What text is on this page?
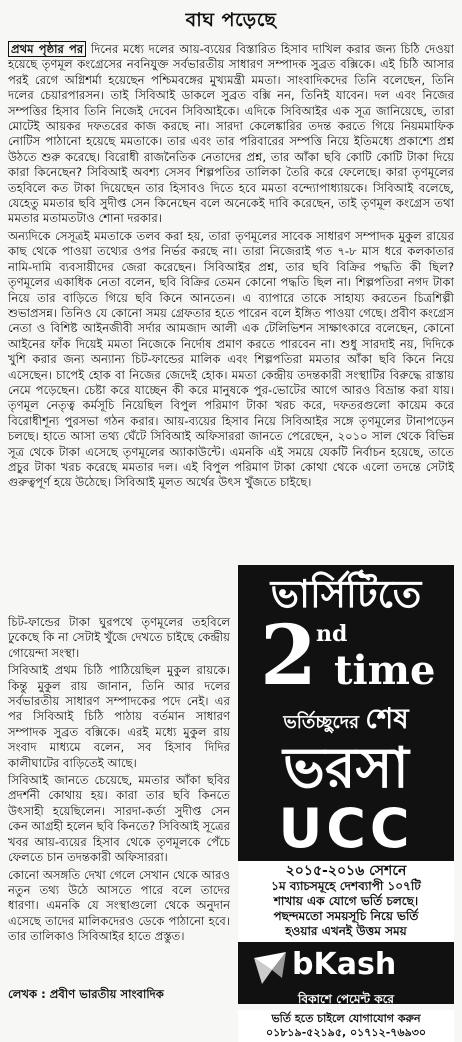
বাঘ পড়েছে

প্রথম পৃষ্ঠার পর দিনের মধ্যে দলের আয়-ব্যয়ের বিস্তারিত হিসাব দাখিল করার জন্য চিঠি দেওয়া হয়েছে তৃণমূল কংগ্রেসের নবনিযুক্ত সর্বভারতীয় সাধারণ সম্পাদক সুব্রত বক্সিকে। এই চিঠি আসার পরই রেগে অগ্নিশর্মা হয়েছেন পশ্চিমবঙ্গের মুখ্যমন্ত্রী মমতা। সাংবাদিকদের তিনি বলেছেন, তিনি দলের চেয়ারপারসন। তাই সিবিআই ডাকলে সুব্রত বক্সি নন, তিনিই যাবেন। দল এবং নিজের সম্পত্তির হিসাব তিনি নিজেই দেবেন সিবিআইকে। এদিকে সিবিআইর এক সূত্র জানিয়েছে, তারা মোটেই আয়কর দফতরের কাজ করছে না। সারদা কেলেঙ্কারির তদন্ত করতে গিয়ে নিয়মমাফিক নোটিস পাঠানো হয়েছে মমতাকে। তার এবং তার পরিবারের সম্পত্তি নিয়ে ইতিমধ্যে প্রকাশ্যে প্রশ্ন উঠতে শুরু করেছে। বিরোধী রাজনৈতিক নেতাদের প্রশ্ন, তার আঁকা ছবি কোটি কোটি টাকা দিয়ে কারা কিনেছেন? সিবিআই অবশ্য সেসব শিল্পপতির তালিকা তৈরি করে ফেলেছে। কারা তৃণমূলের তহবিলে কত টাকা দিয়েছেন তার হিসাবও দিতে হবে মমতা বন্দ্যোপাধ্যায়কে। সিবিআই বলেছে, যেহেতু মমতার ছবি সুদীপ্ত সেন কিনেছেন বলে অনেকেই দাবি করেছেন, তাই তৃণমূল কংগ্রেস তথা মমতার মতামতটাও শোনা দরকার।

অন্যদিকে সেসূত্রই মমতাকে তলব করা হয়, তারা তৃণমূলের সাবেক সাধারণ সম্পাদক মুকুল রায়ের কাছ থেকে পাওয়া তথ্যের ওপর নির্ভর করছে না। তারা নিজেরাই গত ৭-৮ মাস ধরে কলকাতার নামি-দামি ব্যবসায়ীদের জেরা করেছেন। সিবিআইর প্রশ্ন, তার ছবি বিক্রির পদ্ধতি কী ছিল? তৃণমূলের একাধিক নেতা বলেন, ছবি বিক্রির তেমন কোনো পদ্ধতি ছিল না। শিল্পপতিরা নগদ টাকা নিয়ে তার বাড়িতে গিয়ে ছবি কিনে আনতেন। এ ব্যাপারে তাকে সাহায্য করতেন চিত্রশিল্পী শুভাপ্রসন্ন। তিনিও যে কোনো সময় গ্রেফতার হতে পারেন বলে ইঙ্গিত পাওয়া গেছে। প্রবীণ কংগ্রেস নেতা ও বিশিষ্ট আইনজীবী সর্দার আমজাদ আলী এক টেলিভিশন সাক্ষাৎকারে বলেছেন, কোনো আইনের ফাঁক দিয়েই মমতা নিজেকে নির্দোষ প্রমাণ করতে পারবেন না। শুধু সারদাই নয়, দিদিকে খুশি করার জন্য অন্যান্য চিট-ফান্ডের মালিক এবং শিল্পপতিরা মমতার আঁকা ছবি কিনে নিয়ে এসেছেন। চাপেই হোক বা নিজের জেদেই হোক। মমতা কেন্দ্রীয় তদন্তকারী সংস্থাটির বিরুদ্ধে রাস্তায় নেমে পড়েছেন। চেষ্টা করে যাচ্ছেন কী করে মানুষকে পুর-ভোটের আগে আরও বিভ্রান্ত করা যায়। তৃণমূল নেতৃত্ব কর্মসূচি নিয়েছিল বিপুল পরিমাণ টাকা খরচ করে, দফতরগুলো কায়েম করে বিরোধীশূন্য পুরসভা গঠন করার। আয়-ব্যয়ের হিসাব নিয়ে সিবিআইর সঙ্গে তৃণমূলের টানাপড়েন চলছে। হাতে আসা তথ্য ঘেঁটে সিবিআই অফিসাররা জানতে পেরেছেন, ২০১০ সাল থেকে বিভিন্ন সূত্র থেকে টাকা এসেছে তৃণমূলের অ্যাকাউন্টে। এমনকি এই সময়ে যেকটি নির্বাচন হয়েছে, তাতে প্রচুর টাকা খরচ করেছে মমতার দল। এই বিপুল পরিমাণ টাকা কোথা থেকে এলো তদন্তে সেটাই গুরুত্বপূর্ণ হয়ে উঠেছে। সিবিআই মূলত অর্থের উৎস খুঁজতে চাইছে।

চিট-ফান্ডের টাকা ঘুরপথে তৃণমূলের তহবিলে ঢুকেছে কি না সেটাই খুঁজে দেখতে চাইছে কেন্দ্রীয় গোয়েন্দা সংস্থা।

সিবিআই প্রথম চিঠি পাঠিয়েছিল মুকুল রায়কে। কিন্তু মুকুল রায় জানান, তিনি আর দলের সর্বভারতীয় সাধারণ সম্পাদকের পদে নেই। এর পর সিবিআই চিঠি পাঠায় বর্তমান সাধারণ সম্পাদক সুব্রত বক্সিকে। এরই মধ্যে মুকুল রায় সংবাদ মাধ্যমে বলেন, সব হিসাব দিদির কালীঘাটের বাড়িতেই আছে।

সিবিআই জানতে চেয়েছে, মমতার আঁকা ছবির প্রদর্শনী কোথায় হয়। কারা তার ছবি কিনতে উৎসাহী হয়েছিলেন। সারদা-কর্তা সুদীপ্ত সেন কেন আগ্রহী হলেন ছবি কিনতে? সিবিআই সূত্রের খবর আয়-ব্যয়ের হিসাব থেকে তৃণমূলকে পেঁচে ফেলতে চান তদন্তকারী অফিসাররা।

কোনো অসঙ্গতি দেখা গেলে সেখান থেকে আরও নতুন তথ্য উঠে আসতে পারে বলে তাদের ধারণা। এমনকি যে সংস্থাগুলো থেকে অনুদান এসেছে তাদের মালিকদেরও ডেকে পাঠানো হবে। তার তালিকাও সিবিআইর হাতে প্রস্তুত।

লেখক : প্রবীণ ভারতীয় সাংবাদিক
ভার্সিটিতে
2
nd
time
ভর্তিচ্ছুদের শেষ
ভরসা
UCC
২০১৫-২০১৬ সেশনে
১ম ব্যাচসমূহে দেশব্যাপী ১০৭টি
শাখায় এক যোগে ভর্তি চলছে।
পছন্দমতো সময়সূচি নিয়ে ভর্তি
হওয়ার এখনই উত্তম সময়
bKash
বিকাশে পেমেন্ট করে
ভর্তি হতে চাইলে যোগাযোগ করুন
০১৮১৯-৫২১৯৫, ০১৭১২-৭৬৯৩০
